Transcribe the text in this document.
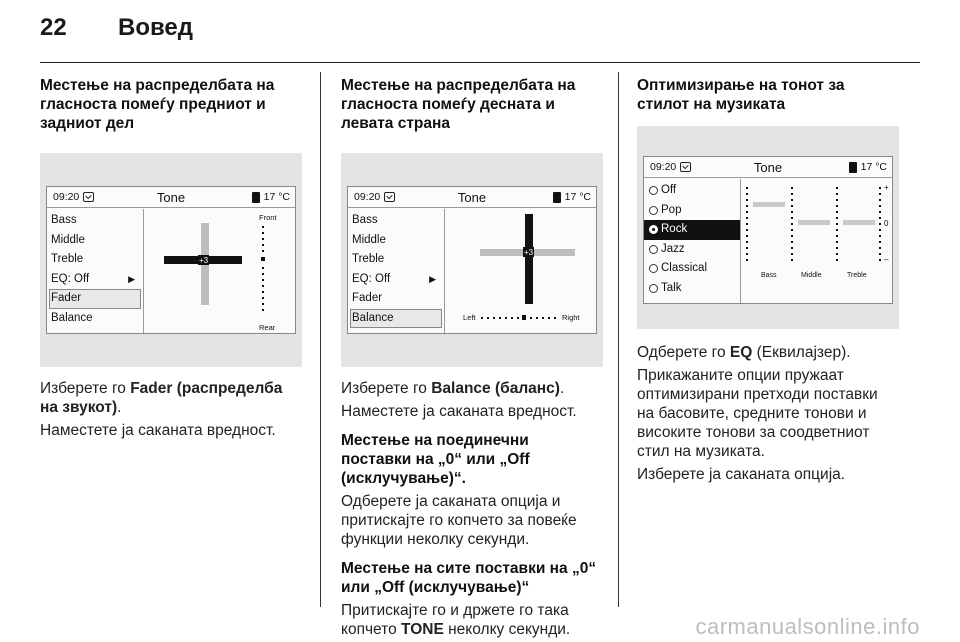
22	Вовед
Местење на распределбата на гласноста помеѓу предниот и задниот дел
09:20	Tone	17 °C
Bass
Middle
Treble
EQ: Off	▶
Fader
Balance
+3
Front
Rear

Изберете го Fader (распределба на звукот).

Наместете ја саканата вредност.

Местење на распределбата на гласноста помеѓу десната и левата страна
09:20	Tone	17 °C
Bass
Middle
Treble
EQ: Off	▶
Fader
Balance
+3
Left	Right

Изберете го Balance (баланс).

Наместете ја саканата вредност.

Местење на поединечни поставки на „0“ или „Off (исклучување)“.

Одберете ја саканата опција и притискајте го копчето за повеќе функции неколку секунди.

Местење на сите поставки на „0“ или „Off (исклучување)“

Притискајте го и држете го така копчето TONE неколку секунди.

Оптимизирање на тонот за стилот на музиката
09:20	Tone	17 °C
Off
Pop
Rock
Jazz
Classical
Talk
+
0
–
Bass	Middle	Treble

Одберете го EQ (Еквилајзер).

Прикажаните опции пружаат оптимизирани претходи поставки на басовите, средните тонови и високите тонови за соодветниот стил на музиката.

Изберете ја саканата опција.

carmanualsonline.info
